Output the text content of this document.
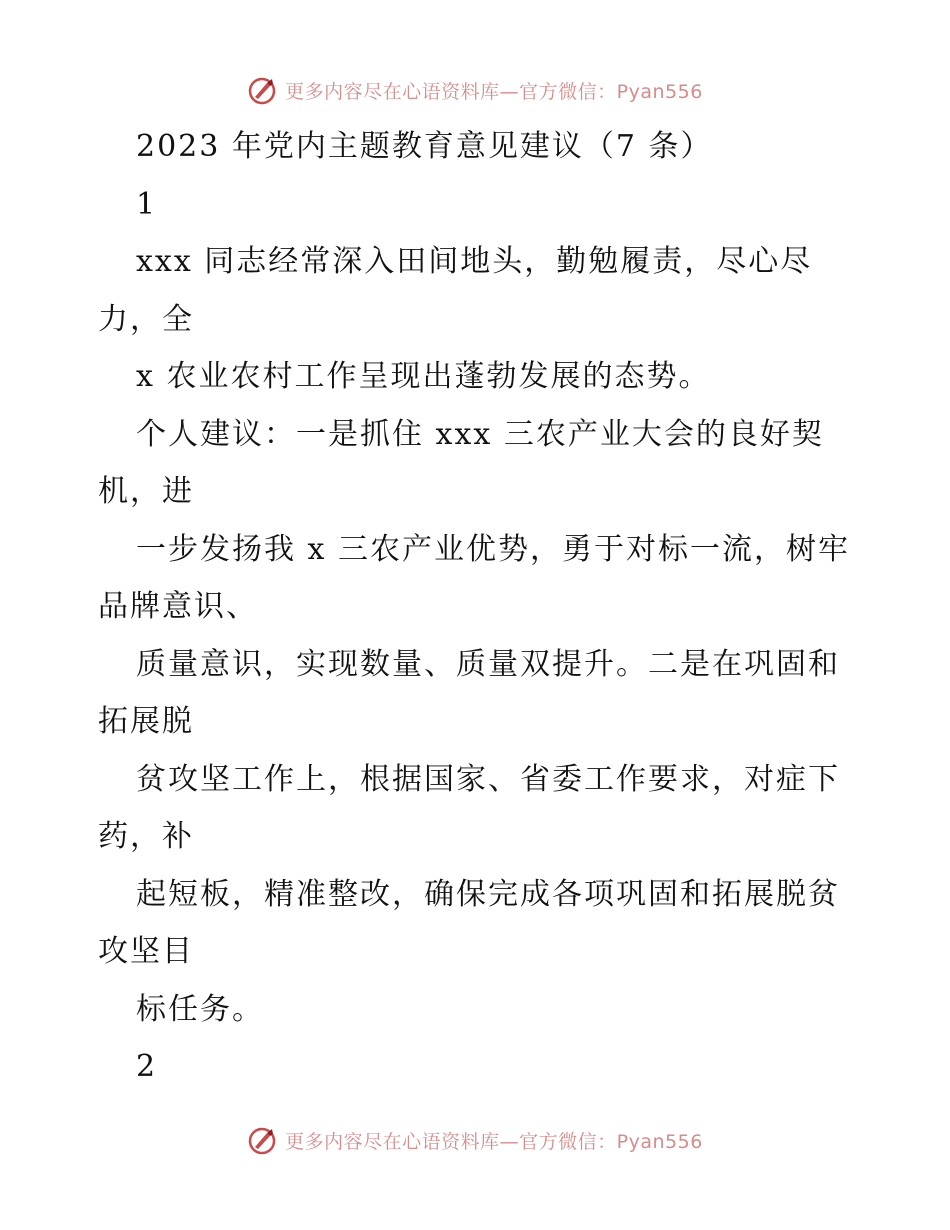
更多内容尽在心语资料库—官方微信：Pyan556

2023 年党内主题教育意见建议（7 条）

1

xxx 同志经常深入田间地头，勤勉履责，尽心尽力，全

x 农业农村工作呈现出蓬勃发展的态势。

个人建议：一是抓住 xxx 三农产业大会的良好契机，进

一步发扬我 x 三农产业优势，勇于对标一流，树牢品牌意识、

质量意识，实现数量、质量双提升。二是在巩固和拓展脱

贫攻坚工作上，根据国家、省委工作要求，对症下药，补

起短板，精准整改，确保完成各项巩固和拓展脱贫攻坚目

标任务。

2

更多内容尽在心语资料库—官方微信：Pyan556
